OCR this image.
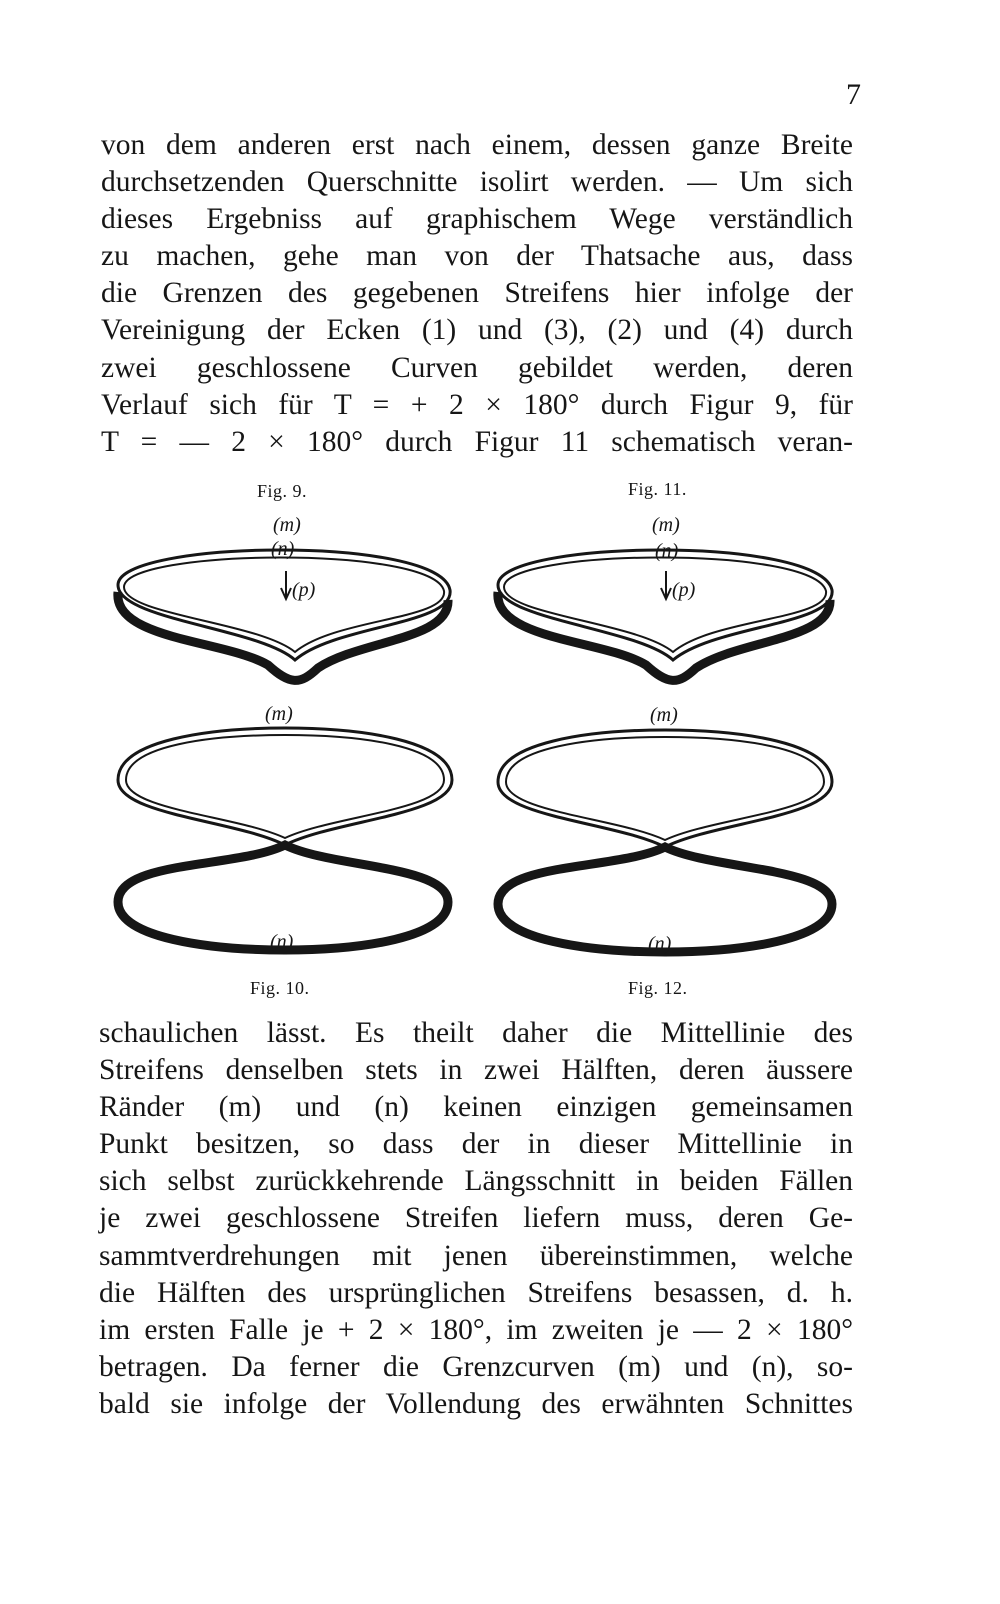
7
von dem anderen erst nach einem, dessen ganze Breite
durchsetzenden Querschnitte isolirt werden. — Um sich
dieses Ergebniss auf graphischem Wege verständlich
zu machen, gehe man von der Thatsache aus, dass
die Grenzen des gegebenen Streifens hier infolge der
Vereinigung der Ecken (1) und (3), (2) und (4) durch
zwei geschlossene Curven gebildet werden, deren
Verlauf sich für T = + 2 × 180° durch Figur 9, für
T = — 2 × 180° durch Figur 11 schematisch veran-
Fig. 9.	Fig. 11.
Fig. 10.	Fig. 12.
(m)
(n)
(p)
(m)
(n)
(p)
(m)
(n)
(m)
(n)
schaulichen lässt. Es theilt daher die Mittellinie des
Streifens denselben stets in zwei Hälften, deren äussere
Ränder (m) und (n) keinen einzigen gemeinsamen
Punkt besitzen, so dass der in dieser Mittellinie in
sich selbst zurückkehrende Längsschnitt in beiden Fällen
je zwei geschlossene Streifen liefern muss, deren Ge-
sammtverdrehungen mit jenen übereinstimmen, welche
die Hälften des ursprünglichen Streifens besassen, d. h.
im ersten Falle je + 2 × 180°, im zweiten je — 2 × 180°
betragen. Da ferner die Grenzcurven (m) und (n), so-
bald sie infolge der Vollendung des erwähnten Schnittes
